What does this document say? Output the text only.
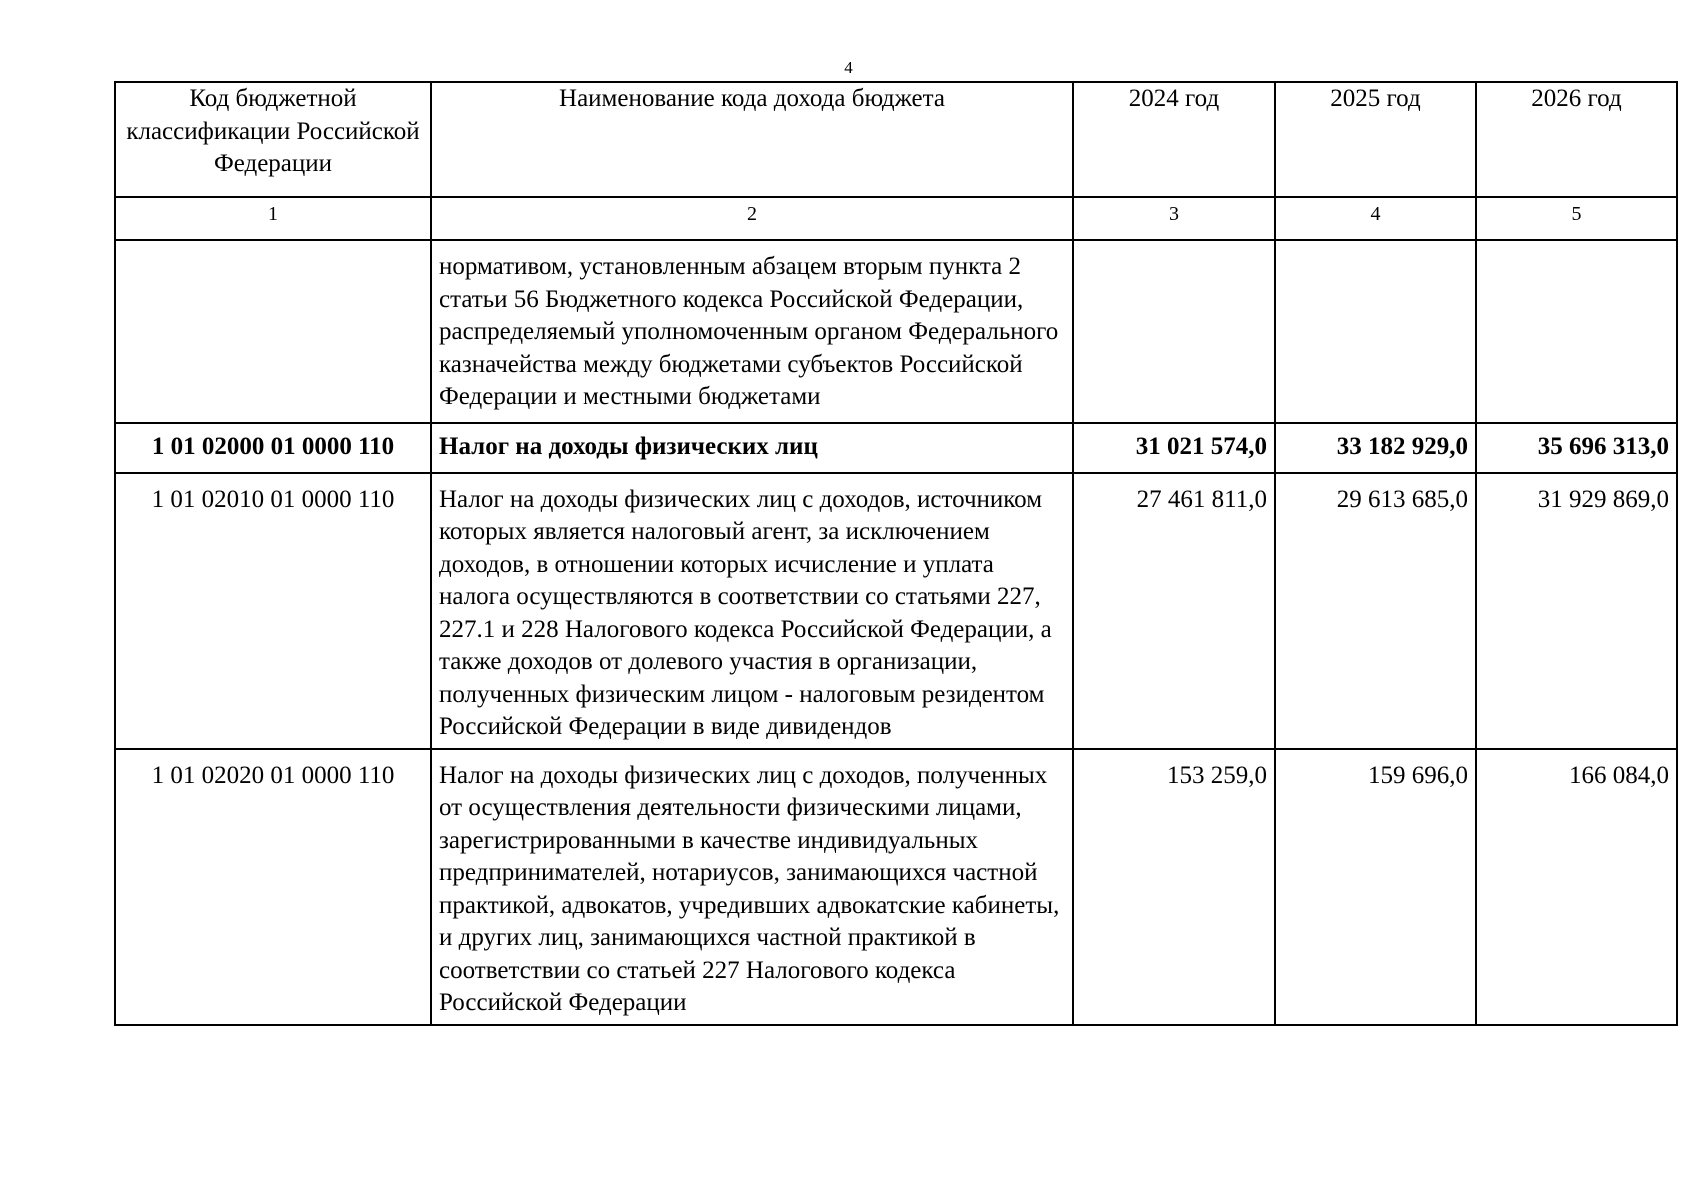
4
Код бюджетной классификации Российской Федерации	Наименование кода дохода бюджета	2024 год	2025 год	2026 год
1	2	3	4	5
	нормативом, установленным абзацем вторым пункта 2 статьи 56 Бюджетного кодекса Российской Федерации, распределяемый уполномоченным органом Федерального казначейства между бюджетами субъектов Российской Федерации и местными бюджетами			
1 01 02000 01 0000 110	Налог на доходы физических лиц	31 021 574,0	33 182 929,0	35 696 313,0
1 01 02010 01 0000 110	Налог на доходы физических лиц с доходов, источником которых является налоговый агент, за исключением доходов, в отношении которых исчисление и уплата налога осуществляются в соответствии со статьями 227, 227.1 и 228 Налогового кодекса Российской Федерации, а также доходов от долевого участия в организации, полученных физическим лицом - налоговым резидентом Российской Федерации в виде дивидендов	27 461 811,0	29 613 685,0	31 929 869,0
1 01 02020 01 0000 110	Налог на доходы физических лиц с доходов, полученных от осуществления деятельности физическими лицами, зарегистрированными в качестве индивидуальных предпринимателей, нотариусов, занимающихся частной практикой, адвокатов, учредивших адвокатские кабинеты, и других лиц, занимающихся частной практикой в соответствии со статьей 227 Налогового кодекса Российской Федерации	153 259,0	159 696,0	166 084,0
